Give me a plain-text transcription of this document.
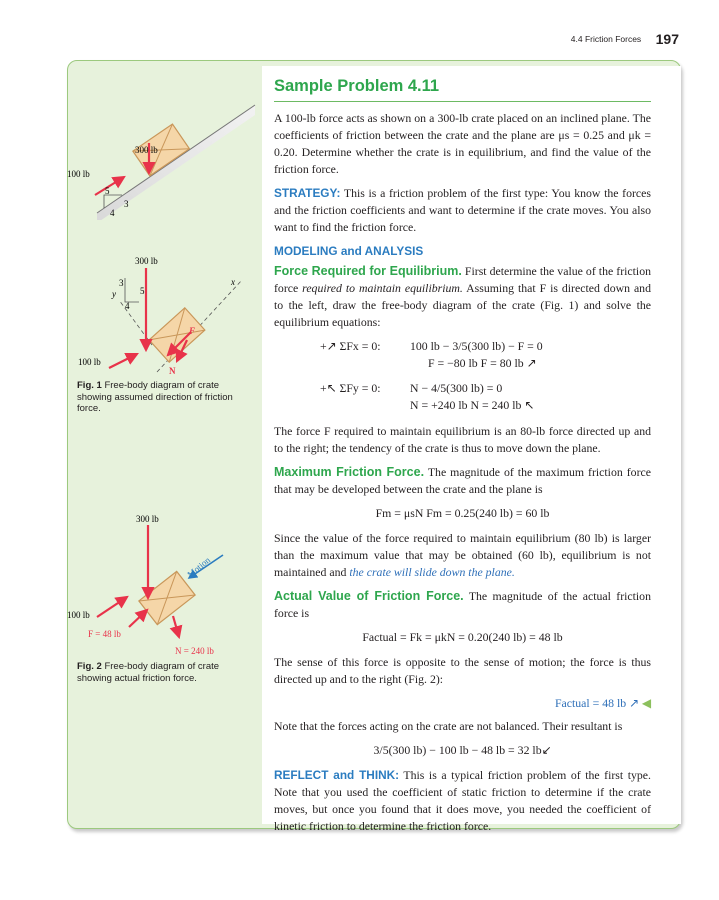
4.4 Friction Forces 197
300 lb
100 lb
5
3
4
x
y
300 lb
3
5
4
F
N
100 lb
Fig. 1 Free-body diagram of crate showing assumed direction of friction force.
300 lb
Motion
100 lb
F = 48 lb
N = 240 lb
Fig. 2 Free-body diagram of crate showing actual friction force.
Sample Problem 4.11

A 100-lb force acts as shown on a 300-lb crate placed on an inclined plane. The coefficients of friction between the crate and the plane are μs = 0.25 and μk = 0.20. Determine whether the crate is in equilibrium, and find the value of the friction force.

STRATEGY: This is a friction problem of the first type: You know the forces and the friction coefficients and want to determine if the crate moves. You also want to find the friction force.

MODELING and ANALYSIS

Force Required for Equilibrium. First determine the value of the friction force required to maintain equilibrium. Assuming that F is directed down and to the left, draw the free-body diagram of the crate (Fig. 1) and solve the equilibrium equations:

+↗ ΣFx = 0:	100 lb − 3/5(300 lb) − F = 0
F = −80 lb F = 80 lb ↗
+↖ ΣFy = 0:	N − 4/5(300 lb) = 0
N = +240 lb N = 240 lb ↖

The force F required to maintain equilibrium is an 80-lb force directed up and to the right; the tendency of the crate is thus to move down the plane.

Maximum Friction Force. The magnitude of the maximum friction force that may be developed between the crate and the plane is

Fm = μsN Fm = 0.25(240 lb) = 60 lb

Since the value of the force required to maintain equilibrium (80 lb) is larger than the maximum value that may be obtained (60 lb), equilibrium is not maintained and the crate will slide down the plane.

Actual Value of Friction Force. The magnitude of the actual friction force is

Factual = Fk = μkN = 0.20(240 lb) = 48 lb

The sense of this force is opposite to the sense of motion; the force is thus directed up and to the right (Fig. 2):

Factual = 48 lb ↗ ◀

Note that the forces acting on the crate are not balanced. Their resultant is

3/5(300 lb) − 100 lb − 48 lb = 32 lb↙

REFLECT and THINK: This is a typical friction problem of the first type. Note that you used the coefficient of static friction to determine if the crate moves, but once you found that it does move, you needed the coefficient of kinetic friction to determine the friction force.
